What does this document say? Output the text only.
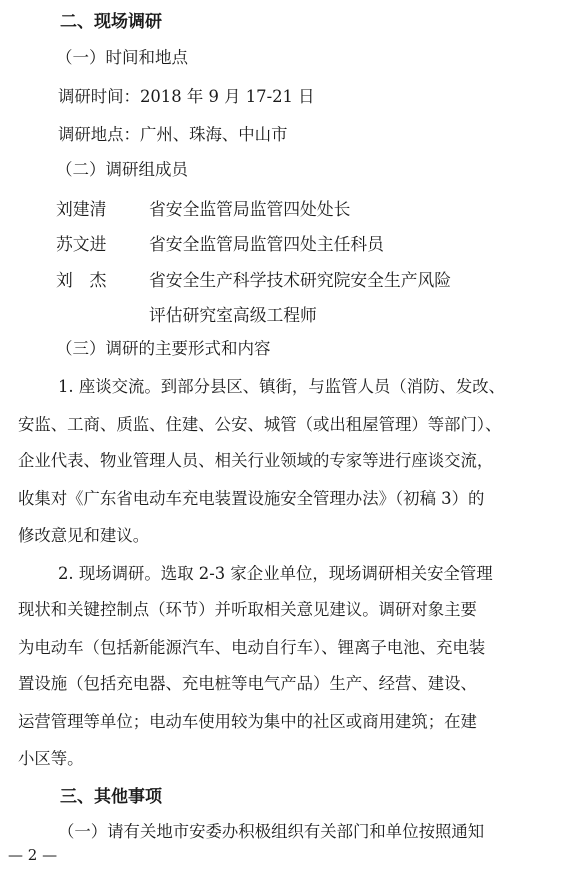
二、现场调研
（一）时间和地点
调研时间：2018 年 9 月 17-21 日
调研地点：广州、珠海、中山市
（二）调研组成员
刘建清	省安全监管局监管四处处长
苏文进	省安全监管局监管四处主任科员
刘　杰	省安全生产科学技术研究院安全生产风险
评估研究室高级工程师
（三）调研的主要形式和内容
1. 座谈交流。到部分县区、镇街，与监管人员（消防、发改、
安监、工商、质监、住建、公安、城管（或出租屋管理）等部门）、
企业代表、物业管理人员、相关行业领域的专家等进行座谈交流，
收集对《广东省电动车充电装置设施安全管理办法》（初稿 3）的
修改意见和建议。
2. 现场调研。选取 2-3 家企业单位，现场调研相关安全管理
现状和关键控制点（环节）并听取相关意见建议。调研对象主要
为电动车（包括新能源汽车、电动自行车）、锂离子电池、充电装
置设施（包括充电器、充电桩等电气产品）生产、经营、建设、
运营管理等单位；电动车使用较为集中的社区或商用建筑；在建
小区等。
三、其他事项
（一）请有关地市安委办积极组织有关部门和单位按照通知
— 2 —
